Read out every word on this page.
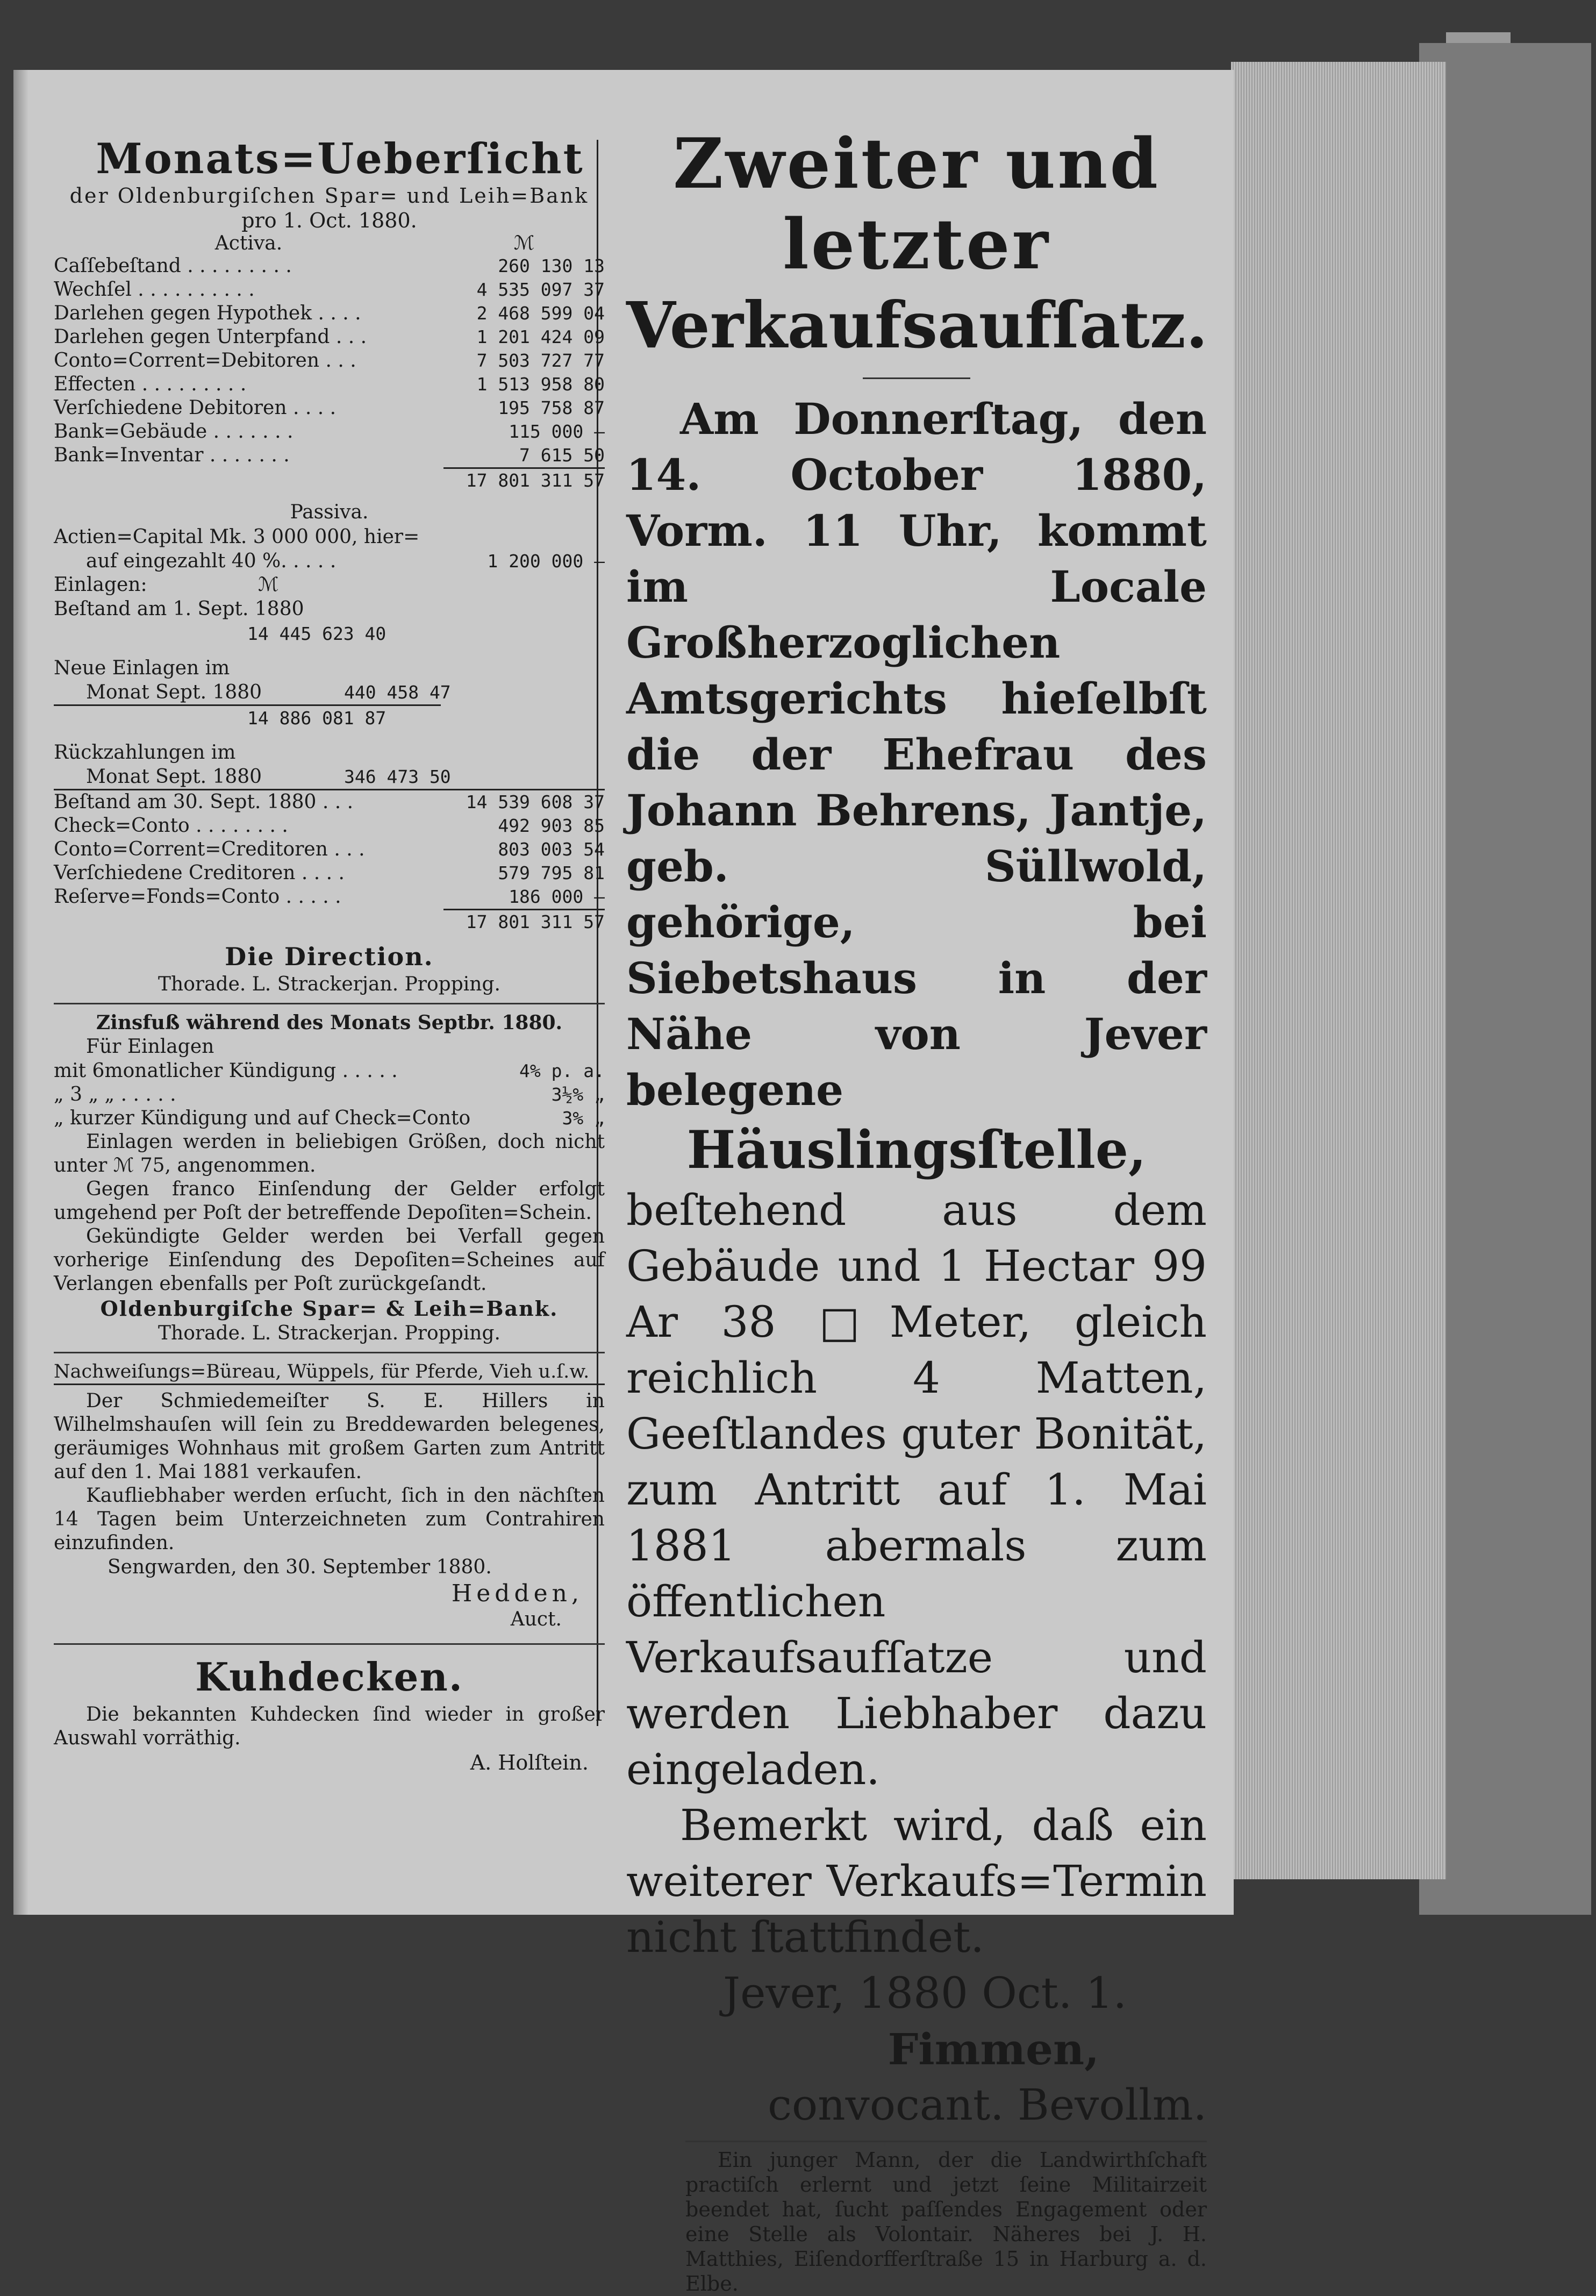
Monats=Ueberſicht
der Oldenburgiſchen Spar= und Leih=Bank
pro 1. Oct. 1880.
Activa.	ℳ
Caſſebeſtand . . . . . . . . .	260 130 13
Wechſel . . . . . . . . . .	4 535 097 37
Darlehen gegen Hypothek . . . .	2 468 599 04
Darlehen gegen Unterpfand . . .	1 201 424 09
Conto=Corrent=Debitoren . . .	7 503 727 77
Effecten . . . . . . . . .	1 513 958 80
Verſchiedene Debitoren . . . .	195 758 87
Bank=Gebäude . . . . . . .	115 000 —
Bank=Inventar . . . . . . .	7 615 50
17 801 311 57
Passiva.
Actien=Capital Mk. 3 000 000, hier=
auf eingezahlt 40 %. . . . .	1 200 000 —
Einlagen:	ℳ
Beſtand am 1. Sept. 1880
14 445 623 40
Neue Einlagen im
Monat Sept. 1880	440 458 47
14 886 081 87
Rückzahlungen im
Monat Sept. 1880	346 473 50
Beſtand am 30. Sept. 1880 . . .	14 539 608 37
Check=Conto . . . . . . . .	492 903 85
Conto=Corrent=Creditoren . . .	803 003 54
Verſchiedene Creditoren . . . .	579 795 81
Reſerve=Fonds=Conto . . . . .	186 000 —
17 801 311 57
Die Direction.
Thorade. L. Strackerjan. Propping.
Zinsfuß während des Monats Septbr. 1880.
Für Einlagen
mit 6monatlicher Kündigung . . . . .	4% p. a.
„ 3 „ „ . . . . .	3½% „
„ kurzer Kündigung und auf Check=Conto	3% „
Einlagen werden in beliebigen Größen, doch nicht unter ℳ 75, angenommen.
Gegen franco Einſendung der Gelder erfolgt umgehend per Poſt der betreffende Depoſiten=Schein.
Gekündigte Gelder werden bei Verfall gegen vorherige Einſendung des Depoſiten=Scheines auf Verlangen ebenfalls per Poſt zurückgeſandt.
Oldenburgiſche Spar= & Leih=Bank.
Thorade. L. Strackerjan. Propping.
Nachweiſungs=Büreau, Wüppels, für Pferde, Vieh u.ſ.w.
Der Schmiedemeiſter S. E. Hillers in Wilhelmshauſen will ſein zu Breddewarden belegenes, geräumiges Wohnhaus mit großem Garten zum Antritt auf den 1. Mai 1881 verkaufen.
Kaufliebhaber werden erſucht, ſich in den nächſten 14 Tagen beim Unterzeichneten zum Contrahiren einzufinden.
Sengwarden, den 30. September 1880.
Hedden,
Auct.
Kuhdecken.
Die bekannten Kuhdecken ſind wieder in großer Auswahl vorräthig.
A. Holſtein.
Zweiter und letzter
Verkaufsaufſatz.
Am Donnerſtag, den 14. October 1880, Vorm. 11 Uhr, kommt im Locale Großherzoglichen Amtsgerichts hieſelbſt die der Ehefrau des Johann Behrens, Jantje, geb. Süllwold, gehörige, bei Siebetshaus in der Nähe von Jever belegene
Häuslingsſtelle,
beſtehend aus dem Gebäude und 1 Hectar 99 Ar 38 □Meter, gleich reichlich 4 Matten, Geeſtlandes guter Bonität, zum Antritt auf 1. Mai 1881 abermals zum öffentlichen Verkaufsaufſatze und werden Liebhaber dazu eingeladen.
Bemerkt wird, daß ein weiterer Verkaufs=Termin nicht ſtattfindet.
Jever, 1880 Oct. 1.
Fimmen,
convocant. Bevollm.
Ein junger Mann, der die Landwirthſchaft practiſch erlernt und jetzt ſeine Militairzeit beendet hat, ſucht paſſendes Engagement oder eine Stelle als Volontair. Näheres bei J. H. Matthies, Eiſendorfferſtraße 15 in Harburg a. d. Elbe.
